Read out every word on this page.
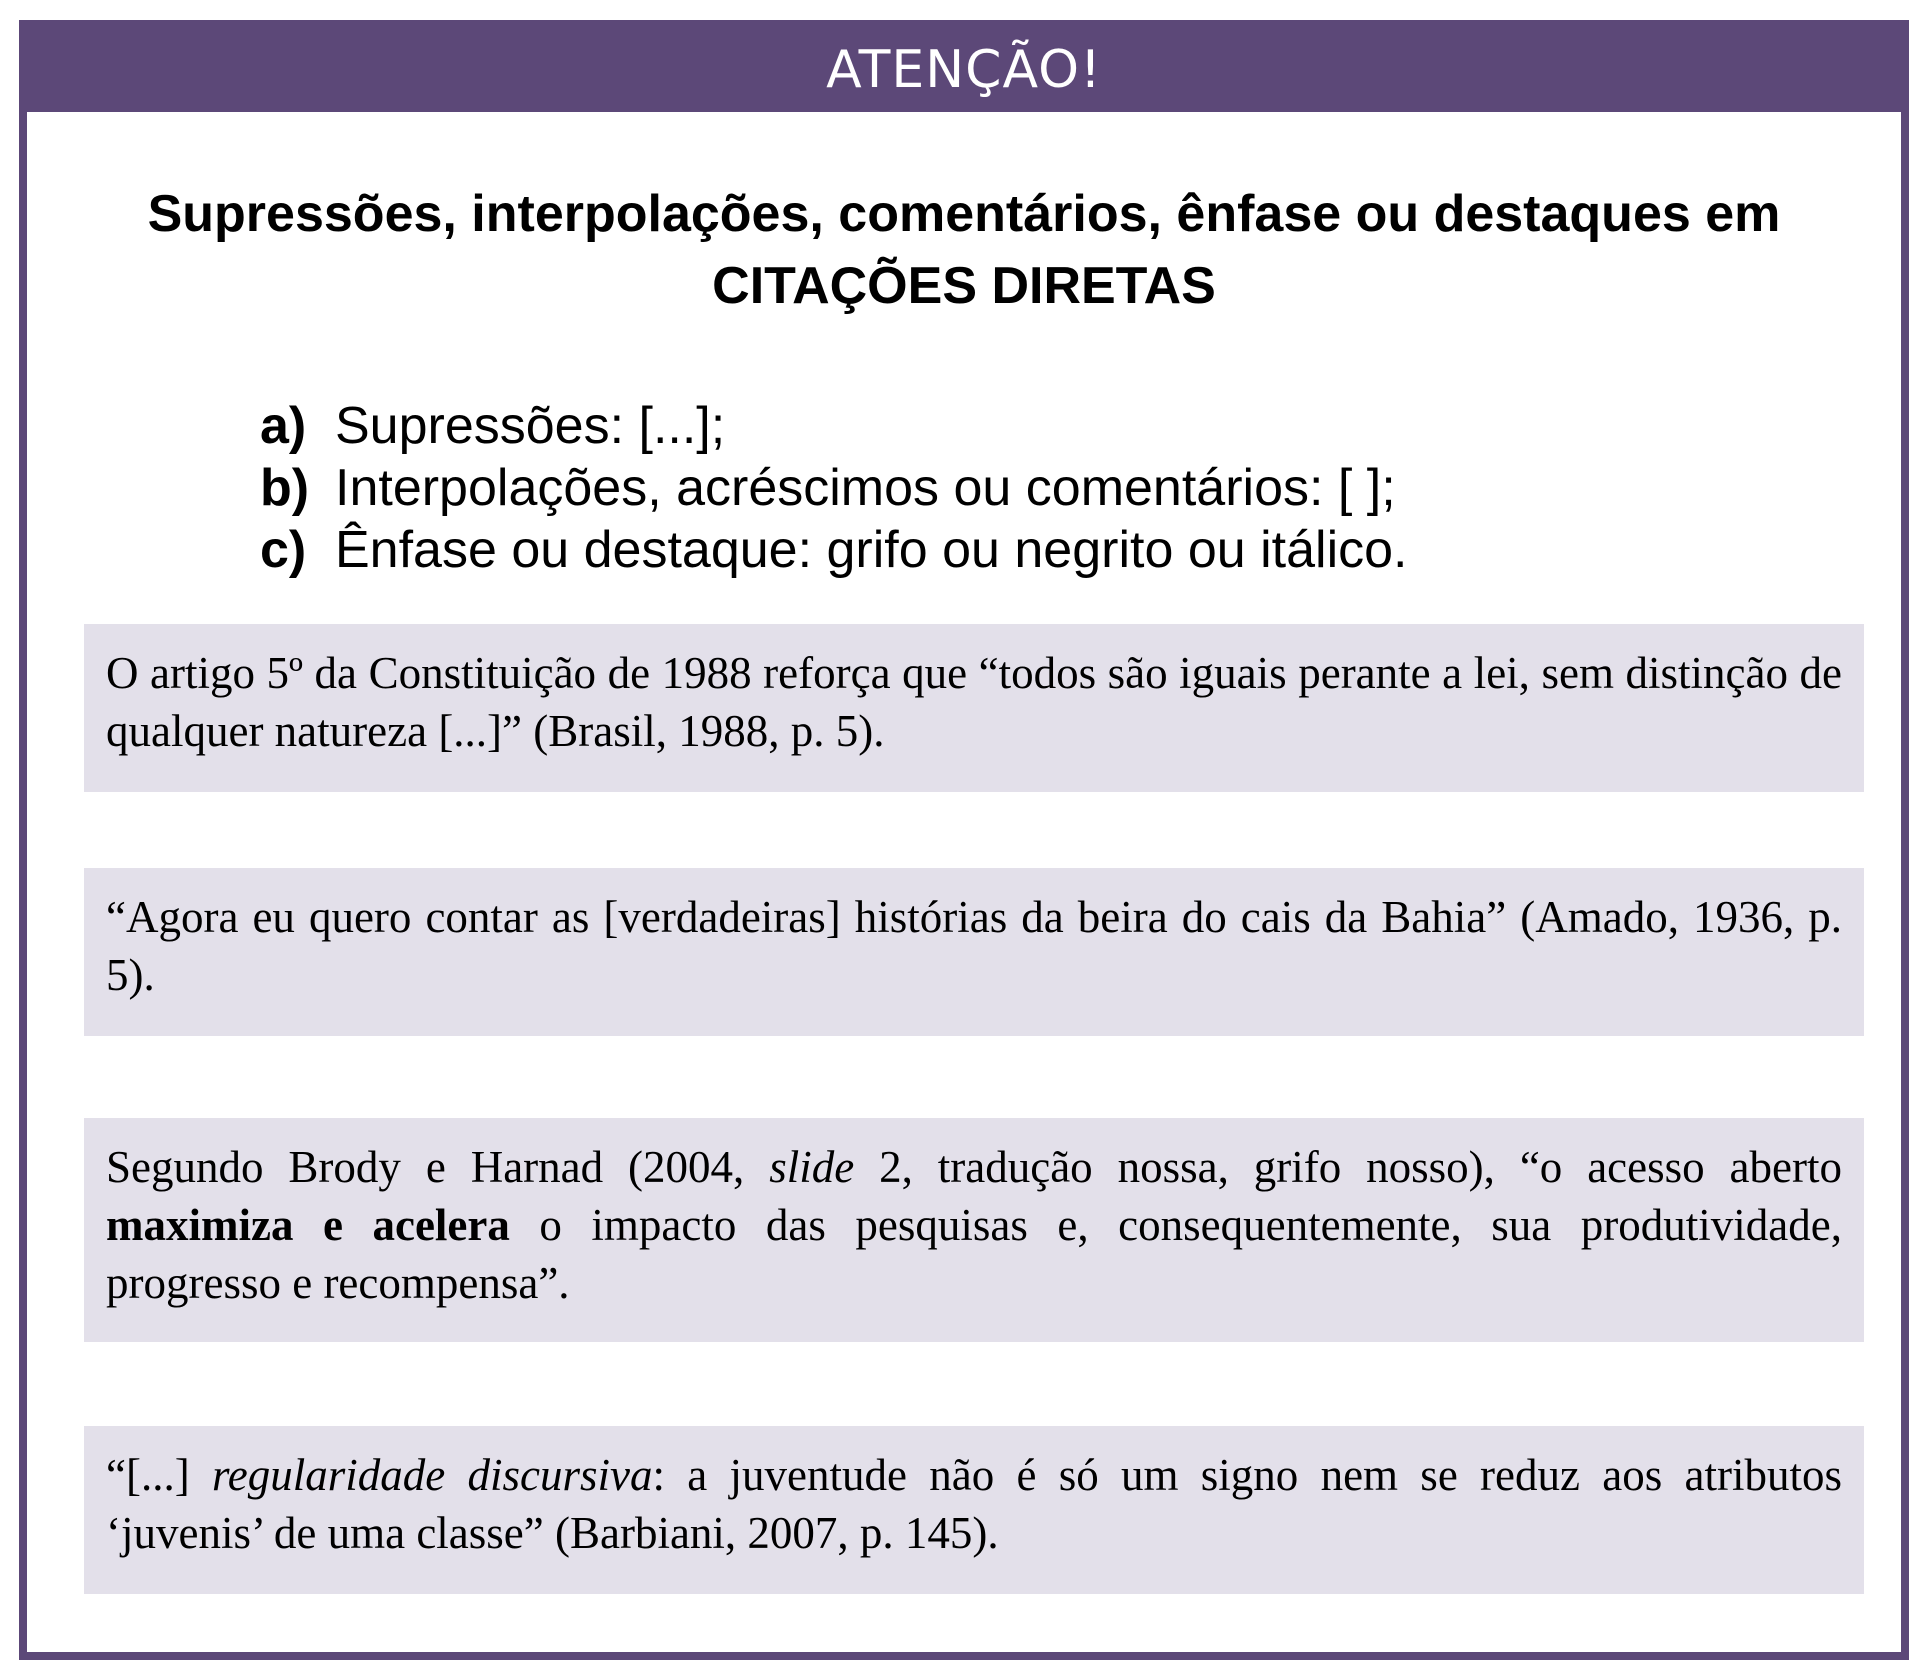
ATENÇÃO!
Supressões, interpolações, comentários, ênfase ou destaques em
CITAÇÕES DIRETAS
a) Supressões: [...];
b) Interpolações, acréscimos ou comentários: [ ];
c) Ênfase ou destaque: grifo ou negrito ou itálico.
O artigo 5º da Constituição de 1988 reforça que “todos são iguais perante a lei, sem distinção de qualquer natureza [...]” (Brasil, 1988, p. 5).
“Agora eu quero contar as [verdadeiras] histórias da beira do cais da Bahia” (Amado, 1936, p. 5).
Segundo Brody e Harnad (2004, slide 2, tradução nossa, grifo nosso), “o acesso aberto maximiza e acelera o impacto das pesquisas e, consequentemente, sua produtividade, progresso e recompensa”.
“[...] regularidade discursiva: a juventude não é só um signo nem se reduz aos atributos ‘juvenis’ de uma classe” (Barbiani, 2007, p. 145).
